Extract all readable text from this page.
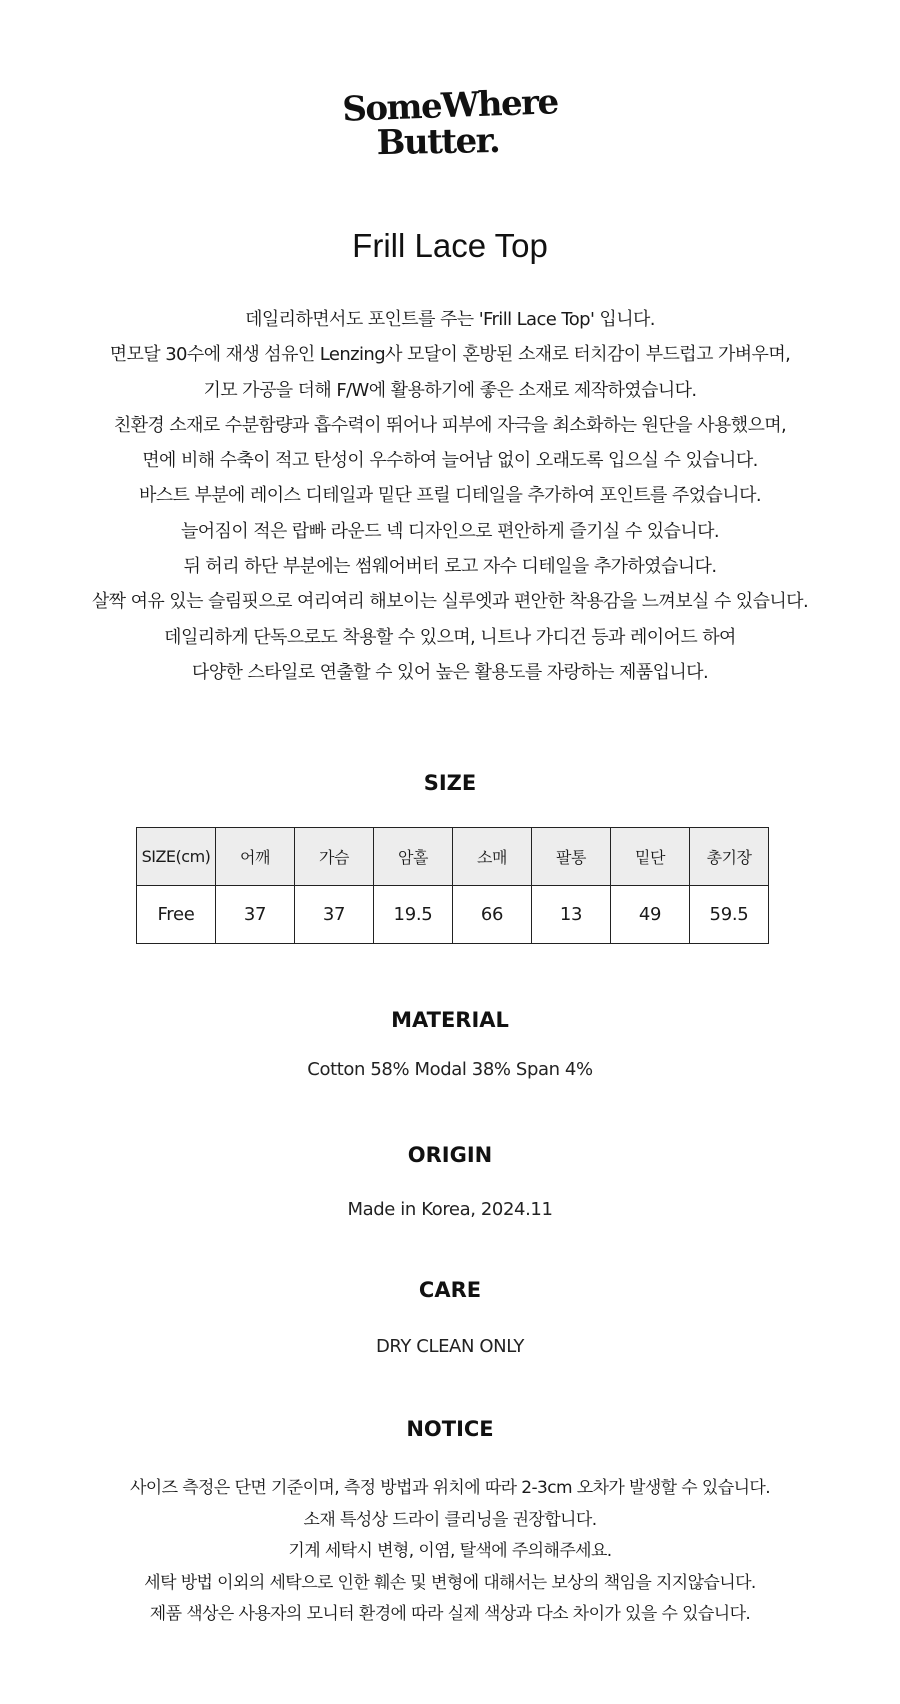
SomeWhere
Butter.
Frill Lace Top
데일리하면서도 포인트를 주는 'Frill Lace Top' 입니다.
면모달 30수에 재생 섬유인 Lenzing사 모달이 혼방된 소재로 터치감이 부드럽고 가벼우며,
기모 가공을 더해 F/W에 활용하기에 좋은 소재로 제작하였습니다.
친환경 소재로 수분함량과 흡수력이 뛰어나 피부에 자극을 최소화하는 원단을 사용했으며,
면에 비해 수축이 적고 탄성이 우수하여 늘어남 없이 오래도록 입으실 수 있습니다.
바스트 부분에 레이스 디테일과 밑단 프릴 디테일을 추가하여 포인트를 주었습니다.
늘어짐이 적은 랍빠 라운드 넥 디자인으로 편안하게 즐기실 수 있습니다.
뒤 허리 하단 부분에는 썸웨어버터 로고 자수 디테일을 추가하였습니다.
살짝 여유 있는 슬림핏으로 여리여리 해보이는 실루엣과 편안한 착용감을 느껴보실 수 있습니다.
데일리하게 단독으로도 착용할 수 있으며, 니트나 가디건 등과 레이어드 하여
다양한 스타일로 연출할 수 있어 높은 활용도를 자랑하는 제품입니다.
SIZE
SIZE(cm)	어깨	가슴	암홀	소매	팔통	밑단	총기장
Free	37	37	19.5	66	13	49	59.5
MATERIAL
Cotton 58% Modal 38% Span 4%
ORIGIN
Made in Korea, 2024.11
CARE
DRY CLEAN ONLY
NOTICE
사이즈 측정은 단면 기준이며, 측정 방법과 위치에 따라 2-3cm 오차가 발생할 수 있습니다.
소재 특성상 드라이 클리닝을 권장합니다.
기계 세탁시 변형, 이염, 탈색에 주의해주세요.
세탁 방법 이외의 세탁으로 인한 훼손 및 변형에 대해서는 보상의 책임을 지지않습니다.
제품 색상은 사용자의 모니터 환경에 따라 실제 색상과 다소 차이가 있을 수 있습니다.
